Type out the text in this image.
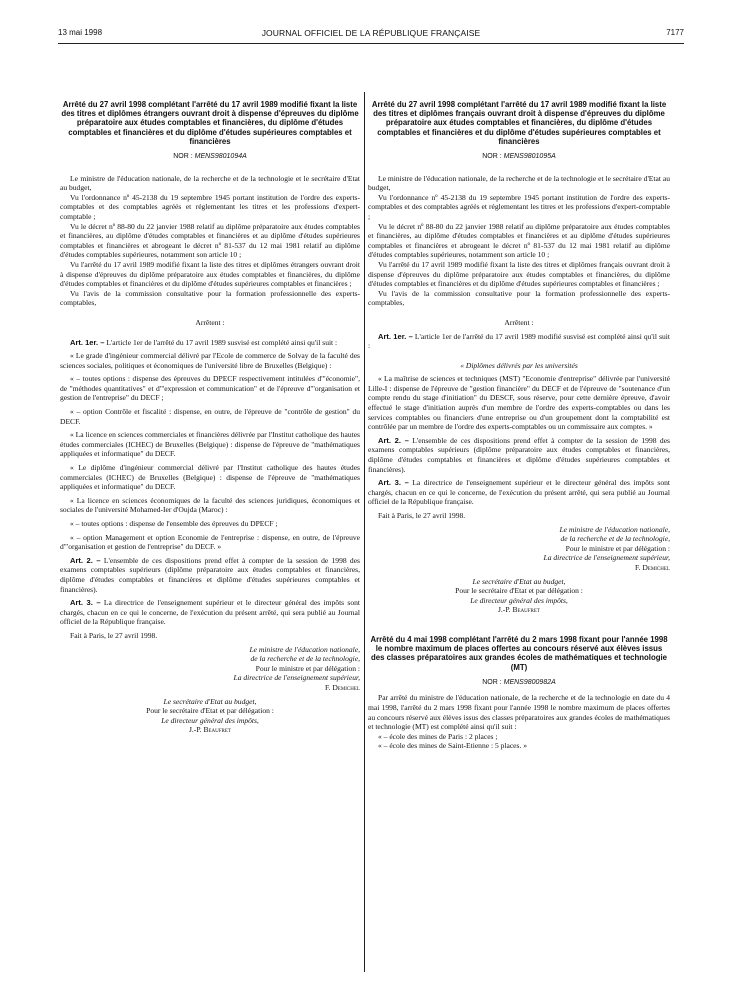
13 mai 1998	JOURNAL OFFICIEL DE LA RÉPUBLIQUE FRANÇAISE	7177
Arrêté du 27 avril 1998 complétant l'arrêté du 17 avril 1989 modifié fixant la liste des titres et diplômes étrangers ouvrant droit à dispense d'épreuves du diplôme préparatoire aux études comptables et financières, du diplôme d'études comptables et financières et du diplôme d'études supérieures comptables et financières
NOR : MENS9801094A

Le ministre de l'éducation nationale, de la recherche et de la technologie et le secrétaire d'Etat au budget,

Vu l'ordonnance nº 45-2138 du 19 septembre 1945 portant institution de l'ordre des experts-comptables et des comptables agréés et réglementant les titres et les professions d'expert-comptable ;

Vu le décret nº 88-80 du 22 janvier 1988 relatif au diplôme préparatoire aux études comptables et financières, au diplôme d'études comptables et financières et au diplôme d'études supérieures comptables et financières et abrogeant le décret nº 81-537 du 12 mai 1981 relatif au diplôme d'études comptables supérieures, notamment son article 10 ;

Vu l'arrêté du 17 avril 1989 modifié fixant la liste des titres et diplômes étrangers ouvrant droit à dispense d'épreuves du diplôme préparatoire aux études comptables et financières, du diplôme d'études comptables et financières et du diplôme d'études supérieures comptables et financières ;

Vu l'avis de la commission consultative pour la formation professionnelle des experts-comptables,

Arrêtent :

Art. 1er. – L'article 1er de l'arrêté du 17 avril 1989 susvisé est complété ainsi qu'il suit :

« Le grade d'ingénieur commercial délivré par l'Ecole de commerce de Solvay de la faculté des sciences sociales, politiques et économiques de l'université libre de Bruxelles (Belgique) :

« – toutes options : dispense des épreuves du DPECF respectivement intitulées d'"économie", de "méthodes quantitatives" et d'"expression et communication" et de l'épreuve d'"organisation et gestion de l'entreprise" du DECF ;

« – option Contrôle et fiscalité : dispense, en outre, de l'épreuve de "contrôle de gestion" du DECF.

« La licence en sciences commerciales et financières délivrée par l'Institut catholique des hautes études commerciales (ICHEC) de Bruxelles (Belgique) : dispense de l'épreuve de "mathématiques appliquées et informatique" du DECF.

« Le diplôme d'ingénieur commercial délivré par l'Institut catholique des hautes études commerciales (ICHEC) de Bruxelles (Belgique) : dispense de l'épreuve de "mathématiques appliquées et informatique" du DECF.

« La licence en sciences économiques de la faculté des sciences juridiques, économiques et sociales de l'université Mohamed-Ier d'Oujda (Maroc) :

« – toutes options : dispense de l'ensemble des épreuves du DPECF ;

« – option Management et option Economie de l'entreprise : dispense, en outre, de l'épreuve d'"organisation et gestion de l'entreprise" du DECF. »

Art. 2. – L'ensemble de ces dispositions prend effet à compter de la session de 1998 des examens comptables supérieurs (diplôme préparatoire aux études comptables et financières, diplôme d'études comptables et financières et diplôme d'études supérieures comptables et financières).

Art. 3. – La directrice de l'enseignement supérieur et le directeur général des impôts sont chargés, chacun en ce qui le concerne, de l'exécution du présent arrêté, qui sera publié au Journal officiel de la République française.

Fait à Paris, le 27 avril 1998.

Le ministre de l'éducation nationale,

de la recherche et de la technologie,

Pour le ministre et par délégation :

La directrice de l'enseignement supérieur,

F. Demichel

Le secrétaire d'Etat au budget,

Pour le secrétaire d'Etat et par délégation :

Le directeur général des impôts,

J.-P. Beaufret

Arrêté du 27 avril 1998 complétant l'arrêté du 17 avril 1989 modifié fixant la liste des titres et diplômes français ouvrant droit à dispense d'épreuves du diplôme préparatoire aux études comptables et financières, du diplôme d'études comptables et financières et du diplôme d'études supérieures comptables et financières
NOR : MENS9801095A

Le ministre de l'éducation nationale, de la recherche et de la technologie et le secrétaire d'Etat au budget,

Vu l'ordonnance nº 45-2138 du 19 septembre 1945 portant institution de l'ordre des experts-comptables et des comptables agréés et réglementant les titres et les professions d'expert-comptable ;

Vu le décret nº 88-80 du 22 janvier 1988 relatif au diplôme préparatoire aux études comptables et financières, au diplôme d'études comptables et financières et au diplôme d'études supérieures comptables et financières et abrogeant le décret nº 81-537 du 12 mai 1981 relatif au diplôme d'études comptables supérieures, notamment son article 10 ;

Vu l'arrêté du 17 avril 1989 modifié fixant la liste des titres et diplômes français ouvrant droit à dispense d'épreuves du diplôme préparatoire aux études comptables et financières, du diplôme d'études comptables et financières et du diplôme d'études supérieures comptables et financières ;

Vu l'avis de la commission consultative pour la formation professionnelle des experts-comptables,

Arrêtent :

Art. 1er. – L'article 1er de l'arrêté du 17 avril 1989 modifié susvisé est complété ainsi qu'il suit :

« Diplômes délivrés par les universités

« La maîtrise de sciences et techniques (MST) "Economie d'entreprise" délivrée par l'université Lille-I : dispense de l'épreuve de "gestion financière" du DECF et de l'épreuve de "soutenance d'un compte rendu du stage d'initiation" du DESCF, sous réserve, pour cette dernière épreuve, d'avoir effectué le stage d'initiation auprès d'un membre de l'ordre des experts-comptables ou dans les services comptables ou financiers d'une entreprise ou d'un groupement dont la comptabilité est contrôlée par un membre de l'ordre des experts-comptables ou un commissaire aux comptes. »

Art. 2. – L'ensemble de ces dispositions prend effet à compter de la session de 1998 des examens comptables supérieurs (diplôme préparatoire aux études comptables et financières, diplôme d'études comptables et financières et diplôme d'études supérieures comptables et financières).

Art. 3. – La directrice de l'enseignement supérieur et le directeur général des impôts sont chargés, chacun en ce qui le concerne, de l'exécution du présent arrêté, qui sera publié au Journal officiel de la République française.

Fait à Paris, le 27 avril 1998.

Le ministre de l'éducation nationale,

de la recherche et de la technologie,

Pour le ministre et par délégation :

La directrice de l'enseignement supérieur,

F. Demichel

Le secrétaire d'Etat au budget,

Pour le secrétaire d'Etat et par délégation :

Le directeur général des impôts,

J.-P. Beaufret

Arrêté du 4 mai 1998 complétant l'arrêté du 2 mars 1998 fixant pour l'année 1998 le nombre maximum de places offertes au concours réservé aux élèves issus des classes préparatoires aux grandes écoles de mathématiques et technologie (MT)
NOR : MENS9800982A

Par arrêté du ministre de l'éducation nationale, de la recherche et de la technologie en date du 4 mai 1998, l'arrêté du 2 mars 1998 fixant pour l'année 1998 le nombre maximum de places offertes au concours réservé aux élèves issus des classes préparatoires aux grandes écoles de mathématiques et technologie (MT) est complété ainsi qu'il suit :

« – école des mines de Paris : 2 places ;

« – école des mines de Saint-Etienne : 5 places. »
